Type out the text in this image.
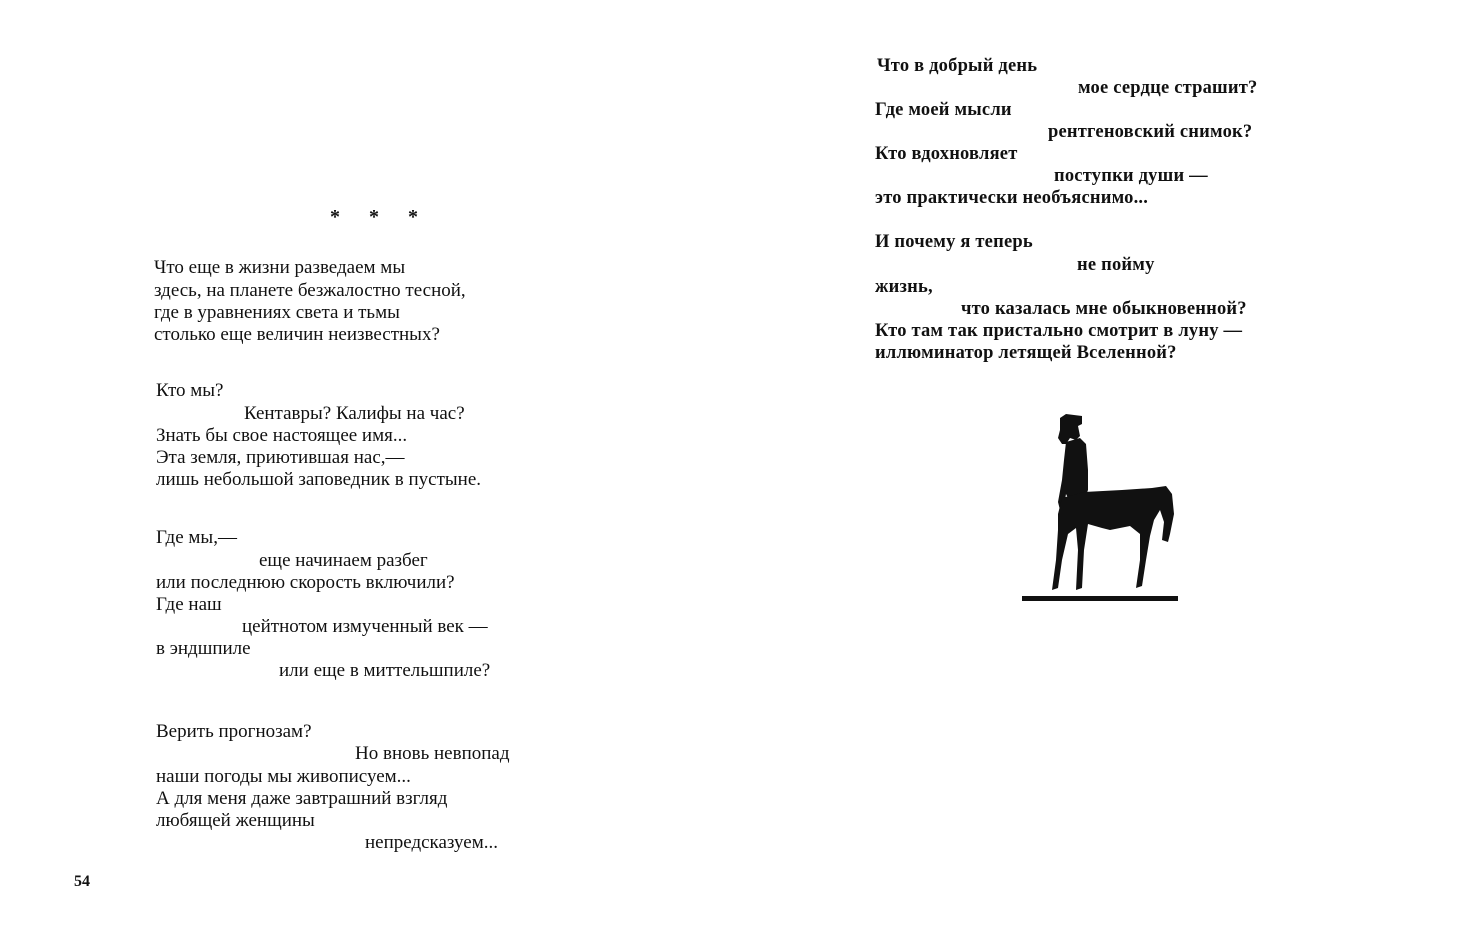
* * *
Что еще в жизни разведаем мы
здесь, на планете безжалостно тесной,
где в уравнениях света и тьмы
столько еще величин неизвестных?
Кто мы?
Кентавры? Калифы на час?
Знать бы свое настоящее имя...
Эта земля, приютившая нас,—
лишь небольшой заповедник в пустыне.
Где мы,—
еще начинаем разбег
или последнюю скорость включили?
Где наш
цейтнотом измученный век —
в эндшпиле
или еще в миттельшпиле?
Верить прогнозам?
Но вновь невпопад
наши погоды мы живописуем...
А для меня даже завтрашний взгляд
любящей женщины
непредсказуем...
54
Что в добрый день
мое сердце страшит?
Где моей мысли
рентгеновский снимок?
Кто вдохновляет
поступки души —
это практически необъяснимо...
И почему я теперь
не пойму
жизнь,
что казалась мне обыкновенной?
Кто там так пристально смотрит в луну —
иллюминатор летящей Вселенной?
